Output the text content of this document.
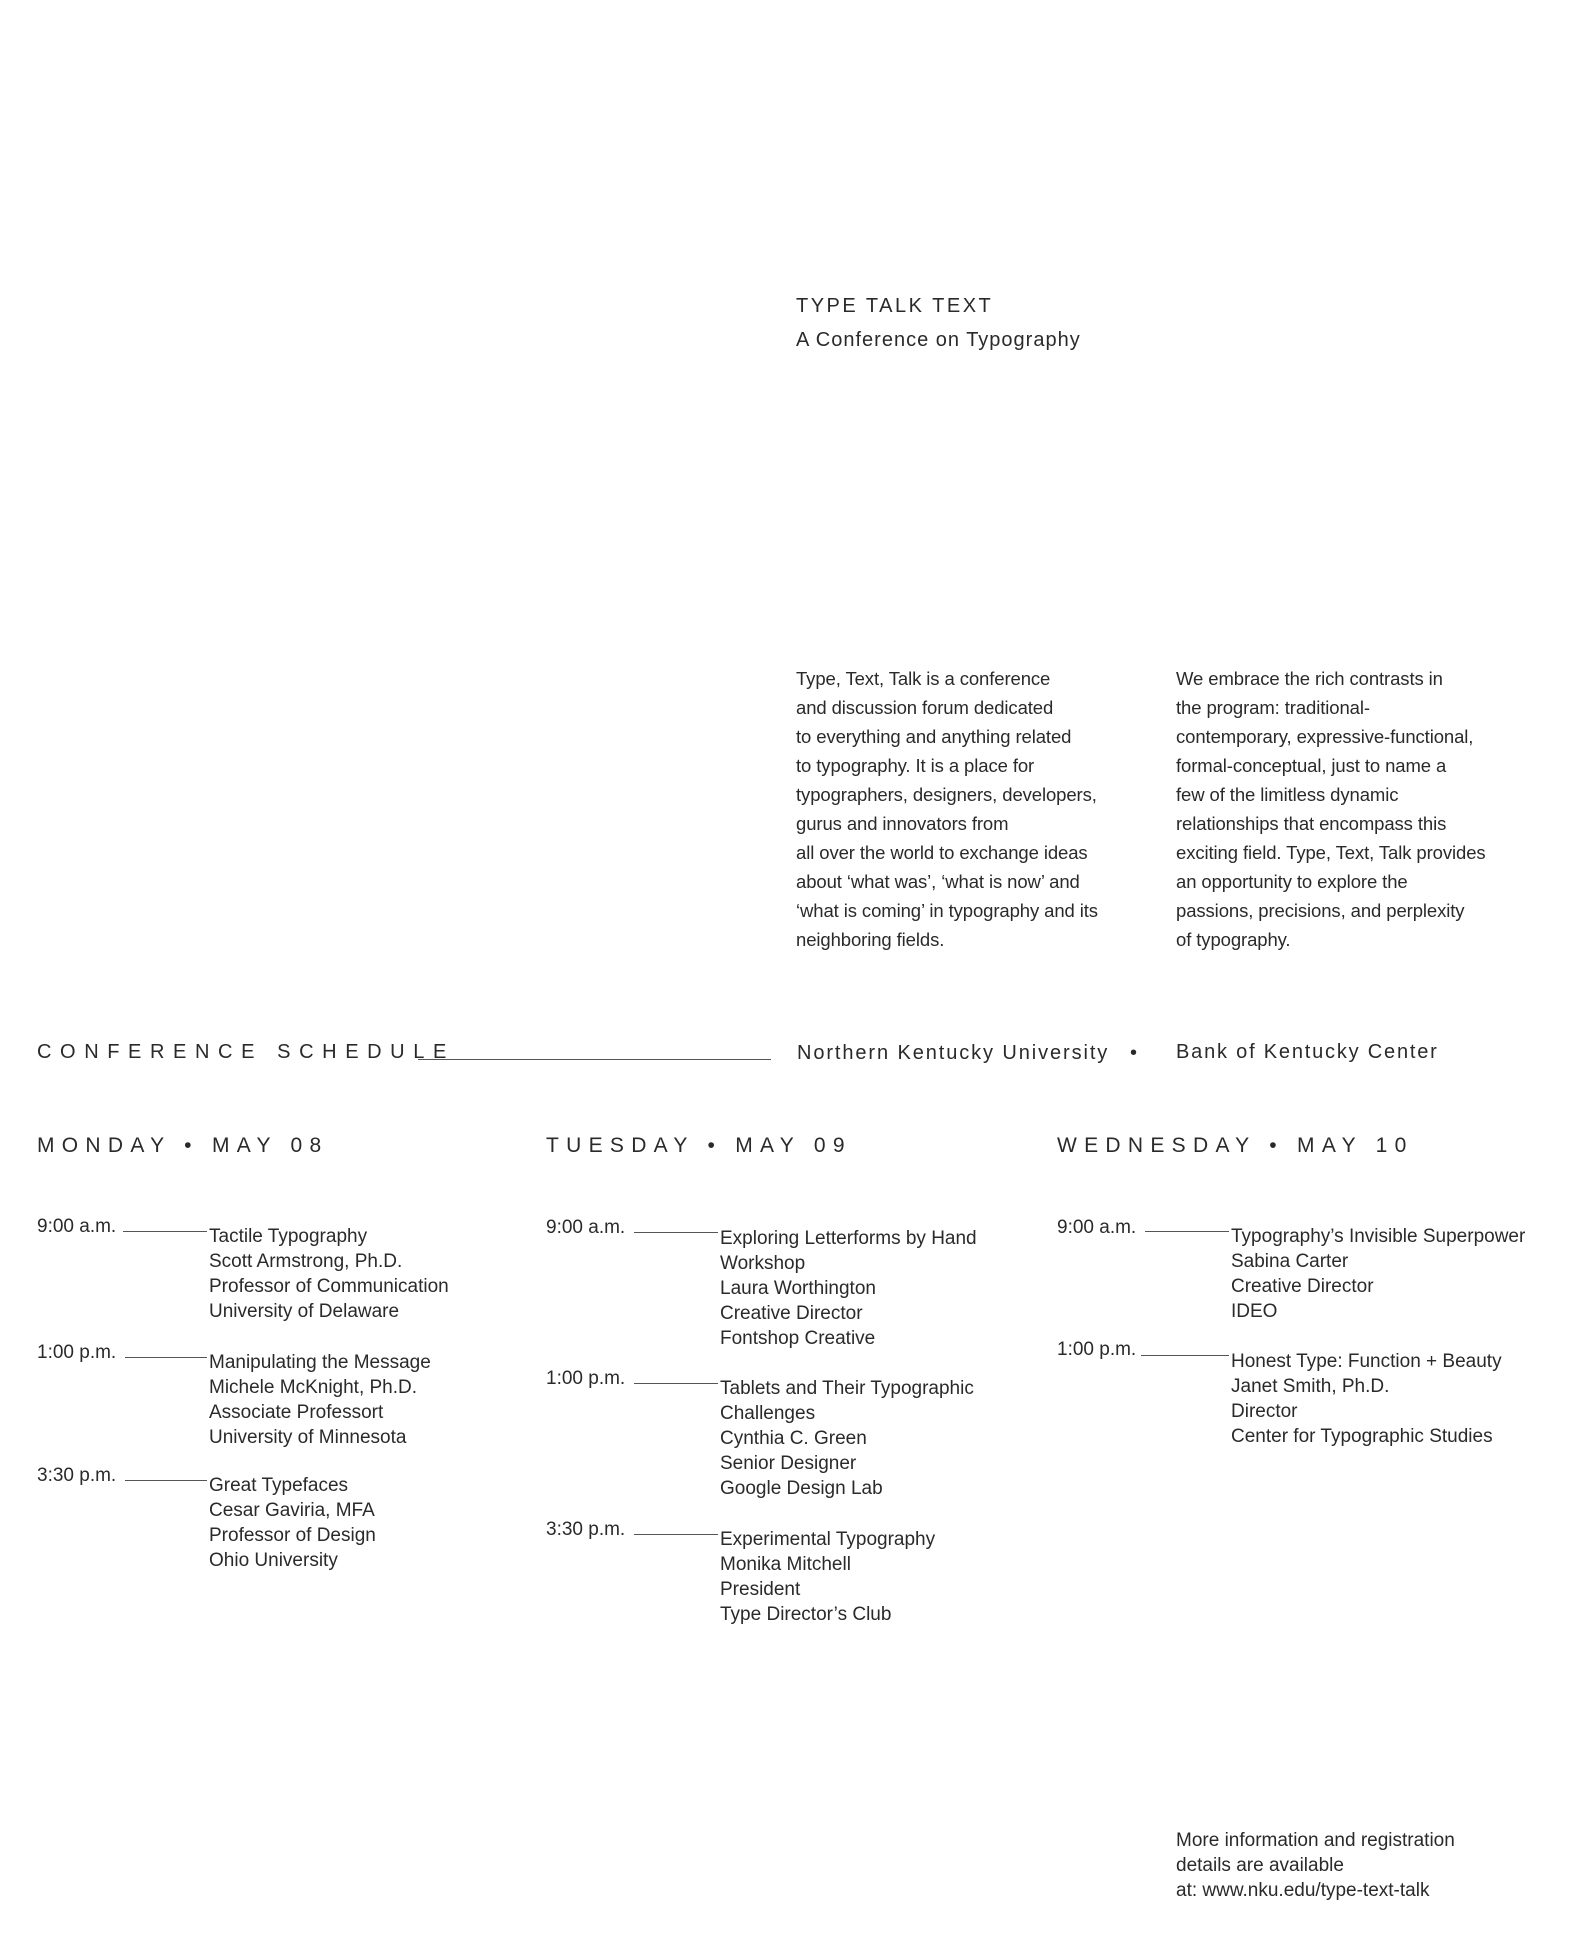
TYPE TALK TEXT
A Conference on Typography
Type, Text, Talk is a conference
and discussion forum dedicated
to everything and anything related
to typography. It is a place for
typographers, designers, developers,
gurus and innovators from
all over the world to exchange ideas
about ‘what was’, ‘what is now’ and
‘what is coming’ in typography and its
neighboring fields.
We embrace the rich contrasts in
the program: traditional-
contemporary, expressive-functional,
formal-conceptual, just to name a
few of the limitless dynamic
relationships that encompass this
exciting field. Type, Text, Talk provides
an opportunity to explore the
passions, precisions, and perplexity
of typography.
CONFERENCE SCHEDULE	Northern Kentucky University • Bank of Kentucky Center
MONDAY • MAY 08
9:00 a.m.	Tactile Typography
Scott Armstrong, Ph.D.
Professor of Communication
University of Delaware
1:00 p.m.	Manipulating the Message
Michele McKnight, Ph.D.
Associate Professort
University of Minnesota
3:30 p.m.	Great Typefaces
Cesar Gaviria, MFA
Professor of Design
Ohio University
TUESDAY • MAY 09
9:00 a.m.
Exploring Letterforms by Hand
Workshop
Laura Worthington
Creative Director
Fontshop Creative
1:00 p.m.	Tablets and Their Typographic
Challenges
Cynthia C. Green
Senior Designer
Google Design Lab
3:30 p.m.	Experimental Typography
Monika Mitchell
President
Type Director’s Club
WEDNESDAY • MAY 10
9:00 a.m.	Typography’s Invisible Superpower
Sabina Carter
Creative Director
IDEO
1:00 p.m.
Honest Type: Function + Beauty
Janet Smith, Ph.D.
Director
Center for Typographic Studies
More information and registration
details are available
at: www.nku.edu/type-text-talk
